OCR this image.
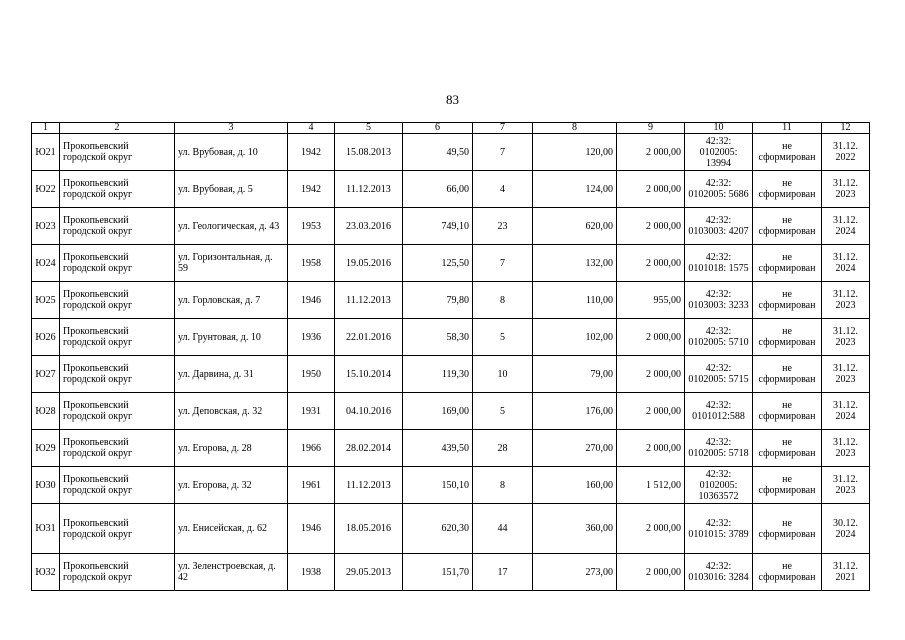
83
1	2	3	4	5	6	7	8	9	10	11	12
Ю21	Прокопьевский городской округ	ул. Врубовая, д. 10	1942	15.08.2013	49,50	7	120,00	2 000,00	42:32: 0102005: 13994	не сформирован	31.12. 2022
Ю22	Прокопьевский городской округ	ул. Врубовая, д. 5	1942	11.12.2013	66,00	4	124,00	2 000,00	42:32: 0102005: 5686	не сформирован	31.12. 2023
Ю23	Прокопьевский городской округ	ул. Геологическая, д. 43	1953	23.03.2016	749,10	23	620,00	2 000,00	42:32: 0103003: 4207	не сформирован	31.12. 2024
Ю24	Прокопьевский городской округ	ул. Горизонтальная, д. 59	1958	19.05.2016	125,50	7	132,00	2 000,00	42:32: 0101018: 1575	не сформирован	31.12. 2024
Ю25	Прокопьевский городской округ	ул. Горловская, д. 7	1946	11.12.2013	79,80	8	110,00	955,00	42:32: 0103003: 3233	не сформирован	31.12. 2023
Ю26	Прокопьевский городской округ	ул. Грунтовая, д. 10	1936	22.01.2016	58,30	5	102,00	2 000,00	42:32: 0102005: 5710	не сформирован	31.12. 2023
Ю27	Прокопьевский городской округ	ул. Дарвина, д. 31	1950	15.10.2014	119,30	10	79,00	2 000,00	42:32: 0102005: 5715	не сформирован	31.12. 2023
Ю28	Прокопьевский городской округ	ул. Деповская, д. 32	1931	04.10.2016	169,00	5	176,00	2 000,00	42:32: 0101012:588	не сформирован	31.12. 2024
Ю29	Прокопьевский городской округ	ул. Егорова, д. 28	1966	28.02.2014	439,50	28	270,00	2 000,00	42:32: 0102005: 5718	не сформирован	31.12. 2023
Ю30	Прокопьевский городской округ	ул. Егорова, д. 32	1961	11.12.2013	150,10	8	160,00	1 512,00	42:32: 0102005: 10363572	не сформирован	31.12. 2023
Ю31	Прокопьевский городской округ	ул. Енисейская, д. 62	1946	18.05.2016	620,30	44	360,00	2 000,00	42:32: 0101015: 3789	не сформирован	30.12. 2024
Ю32	Прокопьевский городской округ	ул. Зеленстроевская, д. 42	1938	29.05.2013	151,70	17	273,00	2 000,00	42:32: 0103016: 3284	не сформирован	31.12. 2021
